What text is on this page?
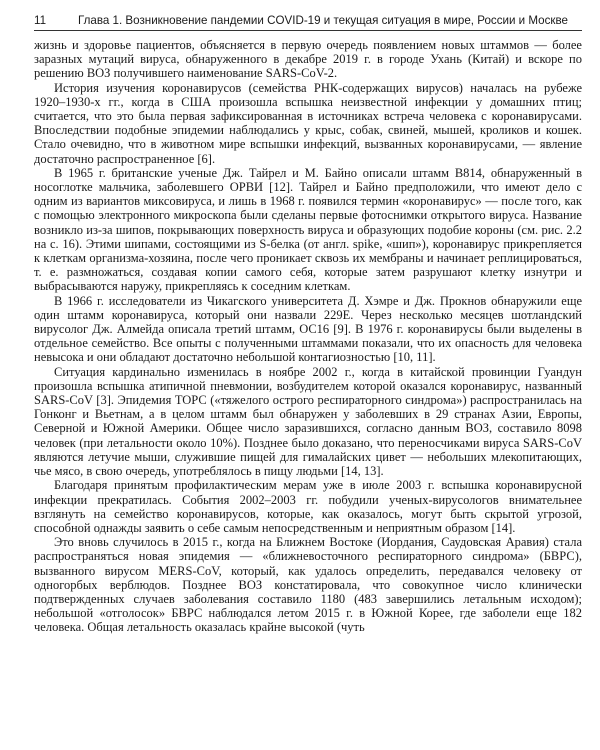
11	Глава 1. Возникновение пандемии COVID-19 и текущая ситуация в мире, России и Москве

жизнь и здоровье пациентов, объясняется в первую очередь появлением новых штаммов — более заразных мутаций вируса, обнаруженного в декабре 2019 г. в городе Ухань (Китай) и вскоре по решению ВОЗ получившего наименование SARS-CoV-2.

История изучения коронавирусов (семейства РНК-содержащих вирусов) началась на рубеже 1920–1930-х гг., когда в США произошла вспышка неизвестной инфекции у домашних птиц; считается, что это была первая зафиксированная в источниках встреча человека с коронавирусами. Впоследствии подобные эпидемии наблюдались у крыс, собак, свиней, мышей, кроликов и кошек. Стало очевидно, что в животном мире вспышки инфекций, вызванных коронавирусами, — явление достаточно распространенное [6].

В 1965 г. британские ученые Дж. Тайрел и М. Байно описали штамм В814, обнаруженный в носоглотке мальчика, заболевшего ОРВИ [12]. Тайрел и Байно предположили, что имеют дело с одним из вариантов миксовируса, и лишь в 1968 г. появился термин «коронавирус» — после того, как с помощью электронного микроскопа были сделаны первые фотоснимки открытого вируса. Название возникло из-за шипов, покрывающих поверхность вируса и образующих подобие короны (см. рис. 2.2 на с. 16). Этими шипами, состоящими из S-белка (от англ. spike, «шип»), коронавирус прикрепляется к клеткам организма-хозяина, после чего проникает сквозь их мембраны и начинает реплицироваться, т. е. размножаться, создавая копии самого себя, которые затем разрушают клетку изнутри и выбрасываются наружу, прикрепляясь к соседним клеткам.

В 1966 г. исследователи из Чикагского университета Д. Хэмре и Дж. Прокнов обнаружили еще один штамм коронавируса, который они назвали 229E. Через несколько месяцев шотландский вирусолог Дж. Алмейда описала третий штамм, OC16 [9]. В 1976 г. коронавирусы были выделены в отдельное семейство. Все опыты с полученными штаммами показали, что их опасность для человека невысока и они обладают достаточно небольшой контагиозностью [10, 11].

Ситуация кардинально изменилась в ноябре 2002 г., когда в китайской провинции Гуандун произошла вспышка атипичной пневмонии, возбудителем которой оказался коронавирус, названный SARS-CoV [3]. Эпидемия ТОРС («тяжелого острого респираторного синдрома») распространилась на Гонконг и Вьетнам, а в целом штамм был обнаружен у заболевших в 29 странах Азии, Европы, Северной и Южной Америки. Общее число заразившихся, согласно данным ВОЗ, составило 8098 человек (при летальности около 10%). Позднее было доказано, что переносчиками вируса SARS-CoV являются летучие мыши, служившие пищей для гималайских цивет — небольших млекопитающих, чье мясо, в свою очередь, употреблялось в пищу людьми [14, 13].

Благодаря принятым профилактическим мерам уже в июле 2003 г. вспышка коронавирусной инфекции прекратилась. События 2002–2003 гг. побудили ученых-вирусологов внимательнее взглянуть на семейство коронавирусов, которые, как оказалось, могут быть скрытой угрозой, способной однажды заявить о себе самым непосредственным и неприятным образом [14].

Это вновь случилось в 2015 г., когда на Ближнем Востоке (Иордания, Саудовская Аравия) стала распространяться новая эпидемия — «ближневосточного респираторного синдрома» (БВРС), вызванного вирусом MERS-CoV, который, как удалось определить, передавался человеку от одногорбых верблюдов. Позднее ВОЗ констатировала, что совокупное число клинически подтвержденных случаев заболевания составило 1180 (483 завершились летальным исходом); небольшой «отголосок» БВРС наблюдался летом 2015 г. в Южной Корее, где заболели еще 182 человека. Общая летальность оказалась крайне высокой (чуть
